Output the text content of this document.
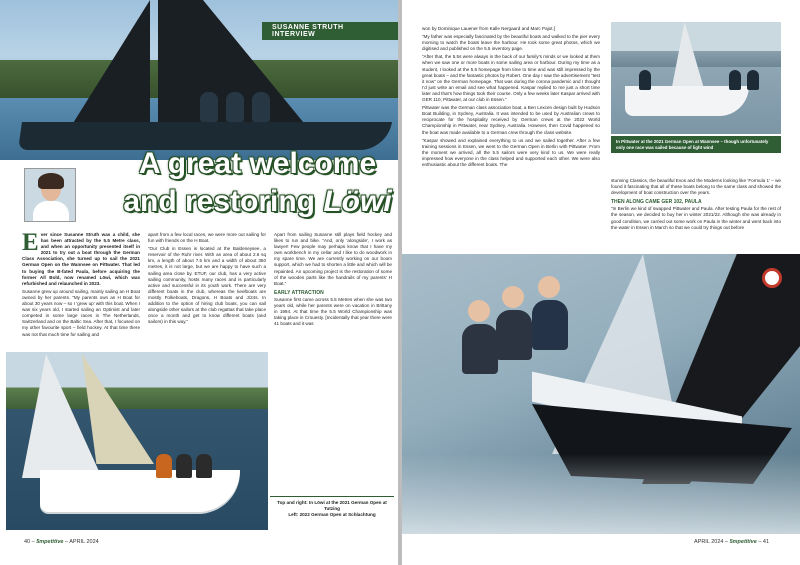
SUSANNE STRUTH INTERVIEW
A great welcome
and restoring Löwi

Ever since Susanne Struth was a child, she has been attracted by the 5.5 Metre class, and when an opportunity presented itself in 2021 to try out a boat through the German Class Association, she turned up to sail the 2021 German Open on the Wannsee on Pittwater. That led to buying the B-fated Paula, before acquiring the former All Bold, now renamed Löwi, which was refurbished and relaunched in 2023.

Susanne grew up around sailing, mainly sailing an H Boat owned by her parents. “My parents own an H Boat for about 30 years now – so I ‘grew up’ with this boat. When I was six years old, I started sailing an Optimist and later competed in some large races in The Netherlands, Switzerland and on the Baltic Sea. After that, I focused on my other favourite sport – field hockey. At that time there was not that much time for sailing and

apart from a few local races, we were more out sailing for fun with friends on the H Boat.

“Our Club in Essen is located at the Baldeneysee, a reservoir of the Ruhr river. With an area of about 2.6 sq km, a length of about 7.5 km and a width of about 350 metres, it is not large, but we are happy to have such a sailing area close by. ETUF, our club, has a very active sailing community, hosts many races and is particularly active and successful in its youth work. There are very different boats in the club, whereas the keelboats are mostly Folkeboats, Dragons, H Boats and J/24s. In addition to the option of hiring club boats, you can sail alongside other sailors at the club regattas that take place once a month and get to know different boats (and sailors) in this way.”

Apart from sailing Susanne still plays field hockey and likes to run and bike. “And, only ‘alongside’, I work as lawyer! Few people may perhaps know that I have my own workbench in my cellar and I like to do woodwork in my spare time. We are currently working on our boom support, which we had to shorten a little and which will be repainted. An upcoming project is the restoration of some of the wooden parts like the handrails of my parents’ H Boat.”

EARLY ATTRACTION

Susanne first came across 5.5 Metres when she was two years old, while her parents were on vacation in Brittany in 1994. At that time the 5.5 World Championship was taking place in Crouesty. [Incidentally that year there were 41 boats and it was

Top and right: In Löwi at the 2021 German Open at Tutzing
Left: 2022 German Open at Schlachtung
40 – 5mpetitive – APRIL 2024

won by Dominique Lauener from Kalle Nergaard and Marc Pajot.]

“My father was especially fascinated by the beautiful boats and walked to the pier every morning to watch the boats leave the harbour. He took some great photos, which we digitised and published on the 5.5 inventory page.

“After that, the 5.5s were always in the back of our family’s minds or we looked at them when we saw one or more boats in some sailing area or harbour. During my time as a student, I looked at the 5.5 homepage from time to time and was still impressed by the great boats – and the fantastic photos by Robert. One day I saw the advertisement “test it now” on the German homepage. That was during the corona pandemic and I thought I’d just write an email and see what happened. Kaspar replied to me just a short time later and that’s how things took their course. Only a few weeks later Kaspar arrived with GER 110, Pittwater, at our club in Essen.”

Pittwater was the German class association boat, a Ben Lexcen design built by Hudson Boat Building, in Sydney, Australia. It was intended to be used by Australian crews to reciprocate for the hospitality received by German crews at the 2022 World Championship in Pittwater, near Sydney, Australia. However, then Covid happened so the boat was made available to a German crew through the class website.

“Kaspar showed and explained everything to us and we sailed together. After a few training sessions in Essen, we went to the German Open in Berlin with Pittwater. From the moment we arrived, all the 5.5 sailors were very kind to us. We were really impressed how everyone in the class helped and supported each other. We were also enthusiastic about the different boats. The

In Pittwater at the 2021 German Open at Wannsee – though unfortunately only one race was sailed because of light wind

stunning Classics, the beautiful Evos and the Moderns looking like ‘Formula 1’ – we found it fascinating that all of these boats belong to the same class and showed the development of boat construction over the years.

THEN ALONG CAME GER 102, PAULA

“In Berlin we kind of swapped Pittwater and Paula. After testing Paula for the rest of the season, we decided to buy her in winter 2021/22. Although she was already in good condition, we carried out some work on Paula in the winter and went back into the water in Essen in March so that we could try things out before

APRIL 2024 – 5mpetitive – 41
